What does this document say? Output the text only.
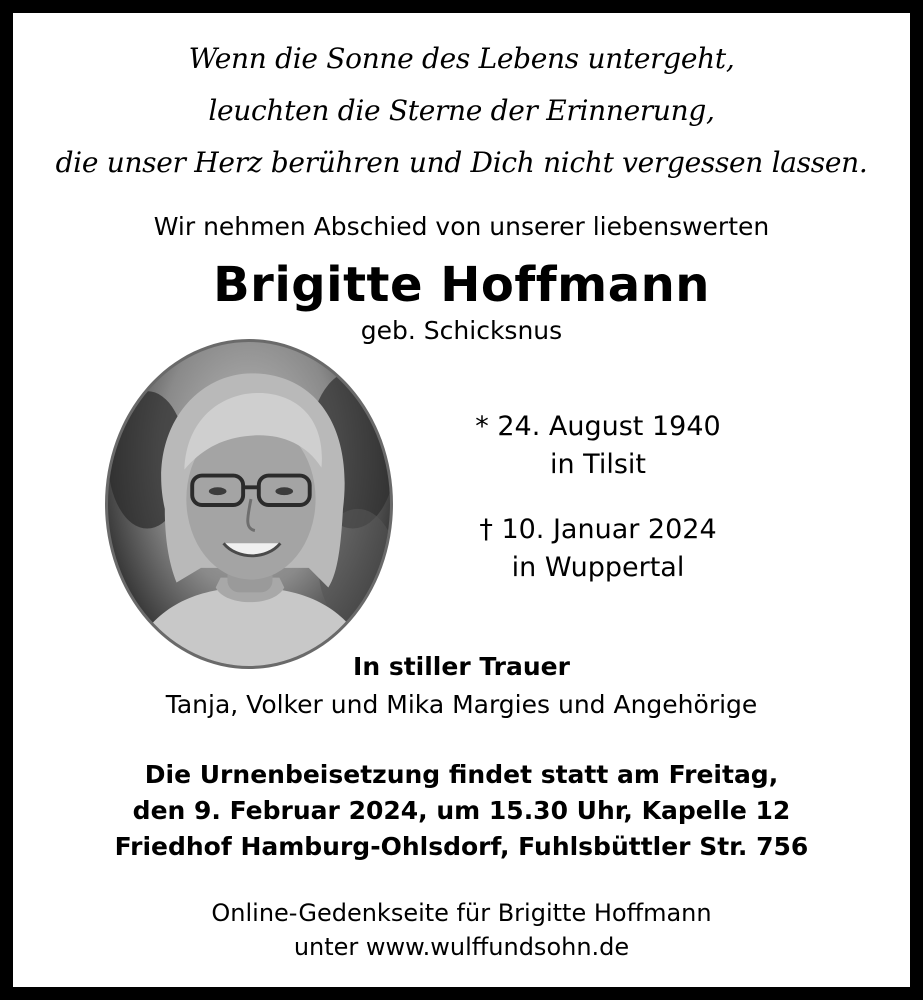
Wenn die Sonne des Lebens untergeht,
leuchten die Sterne der Erinnerung,
die unser Herz berühren und Dich nicht vergessen lassen.
Wir nehmen Abschied von unserer liebenswerten
Brigitte Hoffmann
geb. Schicksnus
* 24. August 1940
in Tilsit
† 10. Januar 2024
in Wuppertal
In stiller Trauer
Tanja, Volker und Mika Margies und Angehörige
Die Urnenbeisetzung findet statt am Freitag,
den 9. Februar 2024, um 15.30 Uhr, Kapelle 12
Friedhof Hamburg-Ohlsdorf, Fuhlsbüttler Str. 756
Online-Gedenkseite für Brigitte Hoffmann
unter www.wulffundsohn.de
